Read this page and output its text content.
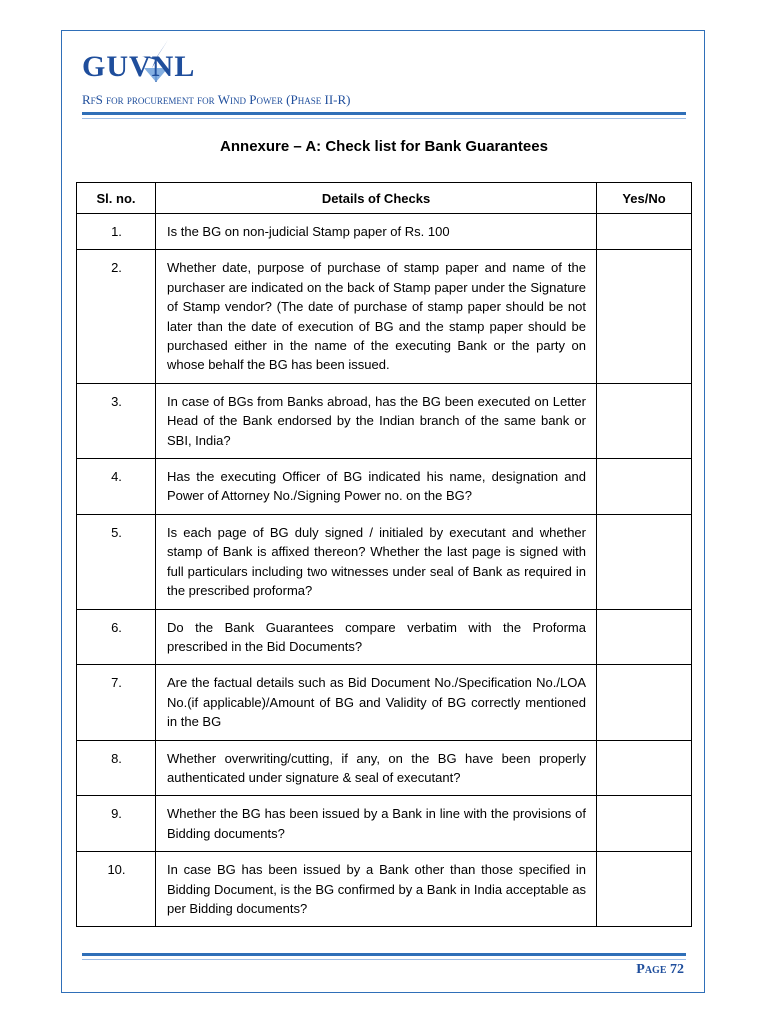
GUVNL
RfS for procurement for Wind Power (Phase II-R)
Annexure – A: Check list for Bank Guarantees
Sl. no.	Details of Checks	Yes/No
1.	Is the BG on non-judicial Stamp paper of Rs. 100	
2.	Whether date, purpose of purchase of stamp paper and name of the purchaser are indicated on the back of Stamp paper under the Signature of Stamp vendor? (The date of purchase of stamp paper should be not later than the date of execution of BG and the stamp paper should be purchased either in the name of the executing Bank or the party on whose behalf the BG has been issued.	
3.	In case of BGs from Banks abroad, has the BG been executed on Letter Head of the Bank endorsed by the Indian branch of the same bank or SBI, India?	
4.	Has the executing Officer of BG indicated his name, designation and Power of Attorney No./Signing Power no. on the BG?	
5.	Is each page of BG duly signed / initialed by executant and whether stamp of Bank is affixed thereon? Whether the last page is signed with full particulars including two witnesses under seal of Bank as required in the prescribed proforma?	
6.	Do the Bank Guarantees compare verbatim with the Proforma prescribed in the Bid Documents?	
7.	Are the factual details such as Bid Document No./Specification No./LOA No.(if applicable)/Amount of BG and Validity of BG correctly mentioned in the BG	
8.	Whether overwriting/cutting, if any, on the BG have been properly authenticated under signature & seal of executant?	
9.	Whether the BG has been issued by a Bank in line with the provisions of Bidding documents?	
10.	In case BG has been issued by a Bank other than those specified in Bidding Document, is the BG confirmed by a Bank in India acceptable as per Bidding documents?	
Page 72
